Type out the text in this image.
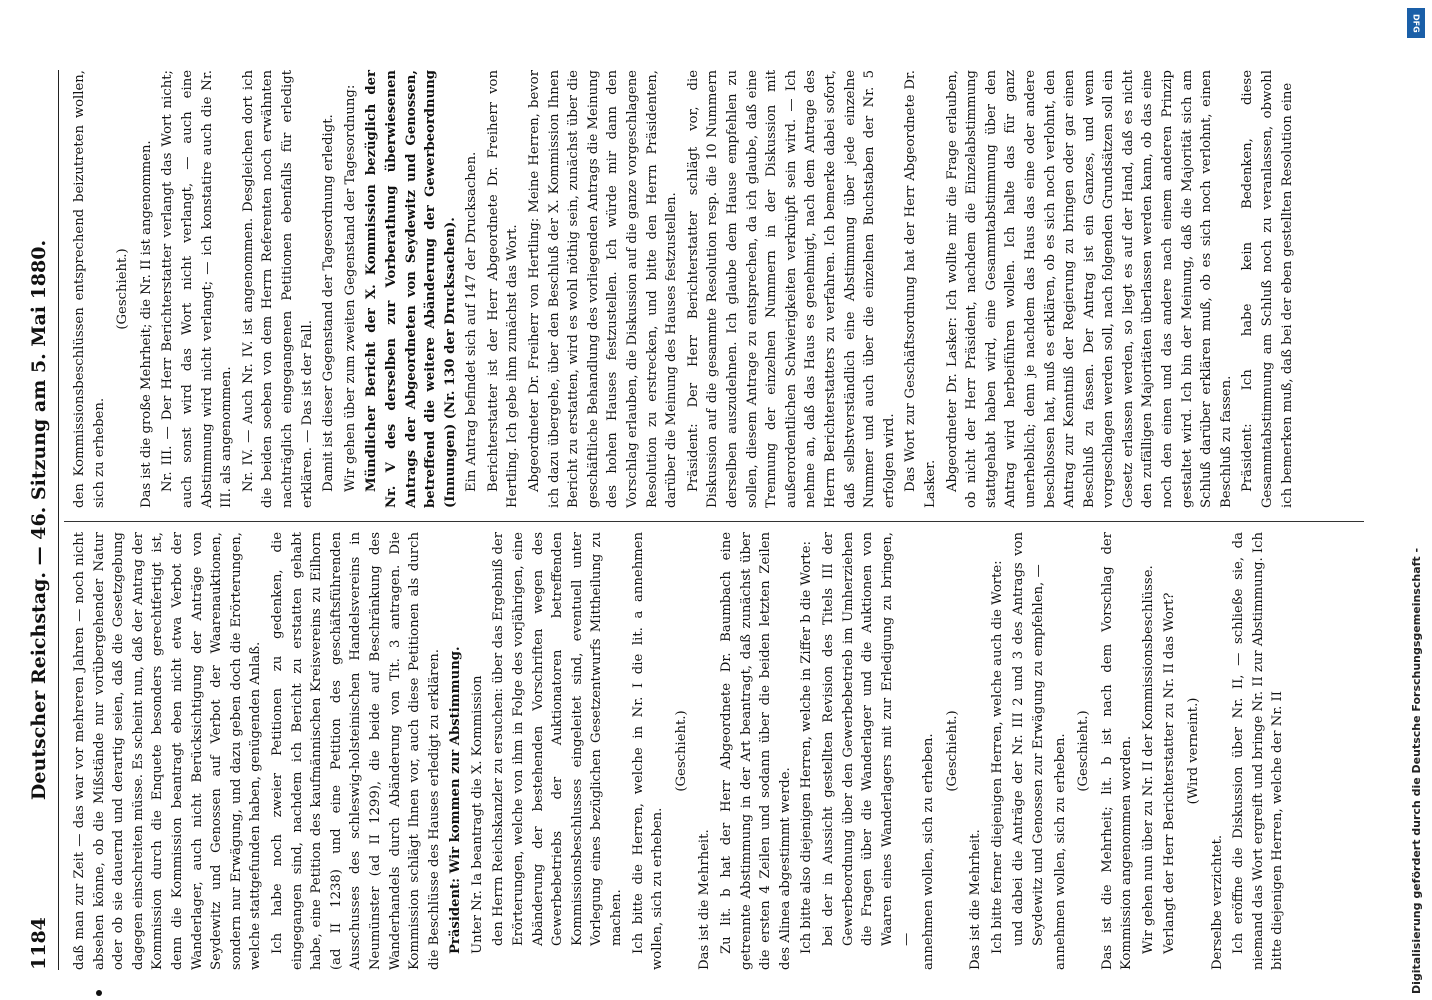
1184
Deutscher Reichstag. — 46. Sitzung am 5. Mai 1880. daß man zur Zeit — das war vor mehreren Jahren — noch nicht absehen könne, ob die Mißstände nur vorübergehender Natur oder ob sie dauernd und derartig seien, daß die Gesetzgebung dagegen einschreiten müsse. Es scheint nun, daß der Antrag der Kommission durch die Enquete besonders gerechtfertigt ist, denn die Kommission beantragt eben nicht etwa Verbot der Wanderlager, auch nicht Berücksichtigung der Anträge von Seydewitz und Genossen auf Verbot der Waarenauktionen, sondern nur Erwägung, und dazu geben doch die Erörterungen, welche stattgefunden haben, genügenden Anlaß. Ich habe noch zweier Petitionen zu gedenken, die eingegangen sind, nachdem ich Bericht zu erstatten gehabt habe, eine Petition des kaufmännischen Kreisvereins zu Eilhorn (ad II 1238) und eine Petition des geschäftsführenden Ausschusses des schleswig-holsteinischen Handelsvereins in Neumünster (ad II 1299), die beide auf Beschränkung des Wanderhandels durch Abänderung von Tit. 3 antragen. Die Kommission schlägt Ihnen vor, auch diese Petitionen als durch die Beschlüsse des Hauses erledigt zu erklären. Präsident: Wir kommen zur Abstimmung. Unter Nr. Ia beantragt die X. Kommission den Herrn Reichskanzler zu ersuchen: über das Ergebniß der Erörterungen, welche von ihm in Folge des vorjährigen, eine Abänderung der bestehenden Vorschriften wegen des Gewerbebetriebs der Auktionatoren betreffenden Kommissionsbeschlusses eingeleitet sind, eventuell unter Vorlegung eines bezüglichen Gesetzentwurfs Mittheilung zu machen. Ich bitte die Herren, welche in Nr. I die lit. a annehmen wollen, sich zu erheben.

(Geschieht.)

Das ist die Mehrheit. Zu lit. b hat der Herr Abgeordnete Dr. Baumbach eine getrennte Abstimmung in der Art beantragt, daß zunächst über die ersten 4 Zeilen und sodann über die beiden letzten Zeilen des Alinea abgestimmt werde. Ich bitte also diejenigen Herren, welche in Ziffer b die Worte: bei der in Aussicht gestellten Revision des Titels III der Gewerbeordnung über den Gewerbebetrieb im Umherziehen die Fragen über die Wanderlager und die Auktionen von Waaren eines Wanderlagers mit zur Erledigung zu bringen, — annehmen wollen, sich zu erheben. (Geschieht.)

Das ist die Mehrheit. Ich bitte ferner diejenigen Herren, welche auch die Worte: und dabei die Anträge der Nr. III 2 und 3 des Antrags von Seydewitz und Genossen zur Erwägung zu empfehlen, — annehmen wollen, sich zu erheben. (Geschieht.) Das ist die Mehrheit; lit. b ist nach dem Vorschlag der Kommission angenommen worden. Wir gehen nun über zu Nr. II der Kommissionsbeschlüsse. Verlangt der Herr Berichterstatter zu Nr. II das Wort? (Wird verneint.)

Derselbe verzichtet. Ich eröffne die Diskussion über Nr. II, — schließe sie, da niemand das Wort ergreift und bringe Nr. II zur Abstimmung. Ich bitte diejenigen Herren, welche der Nr. II

den Kommissionsbeschlüssen entsprechend beizutreten wollen, sich zu erheben.

(Geschieht.) Das ist die große Mehrheit; die Nr. II ist angenommen. Nr. III. — Der Herr Berichterstatter verlangt das Wort nicht; auch sonst wird das Wort nicht verlangt, — auch eine Abstimmung wird nicht verlangt; — ich konstatire auch die Nr. III. als angenommen. Nr. IV. — Auch Nr. IV. ist angenommen. Desgleichen dort ich die beiden soeben von dem Herrn Referenten noch erwähnten nachträglich eingegangenen Petitionen ebenfalls für erledigt erklären. — Das ist der Fall. Damit ist dieser Gegenstand der Tagesordnung erledigt. Wir gehen über zum zweiten Gegenstand der Tagesordnung: Mündlicher Bericht der X. Kommission bezüglich der Nr. V des derselben zur Vorberathung überwiesenen Antrags der Abgeordneten von Seydewitz und Genossen, betreffend die weitere Abänderung der Gewerbeordnung (Innungen) (Nr. 130 der Drucksachen). Ein Antrag befindet sich auf 147 der Drucksachen. Berichterstatter ist der Herr Abgeordnete Dr. Freiherr von Hertling. Ich gebe ihm zunächst das Wort. Abgeordneter Dr. Freiherr von Hertling: Meine Herren, bevor ich dazu übergehe, über den Beschluß der X. Kommission Ihnen Bericht zu erstatten, wird es wohl nöthig sein, zunächst über die geschäftliche Behandlung des vorliegenden Antrags die Meinung des hohen Hauses festzustellen. Ich würde mir dann den Vorschlag erlauben, die Diskussion auf die ganze vorgeschlagene Resolution zu erstrecken, und bitte den Herrn Präsidenten, darüber die Meinung des Hauses festzustellen. Präsident: Der Herr Berichterstatter schlägt vor, die Diskussion auf die gesammte Resolution resp. die 10 Nummern derselben auszudehnen. Ich glaube dem Hause empfehlen zu sollen, diesem Antrage zu entsprechen, da ich glaube, daß eine Trennung der einzelnen Nummern in der Diskussion mit außerordentlichen Schwierigkeiten verknüpft sein wird. — Ich nehme an, daß das Haus es genehmigt, nach dem Antrage des Herrn Berichterstatters zu verfahren. Ich bemerke dabei sofort, daß selbstverständlich eine Abstimmung über jede einzelne Nummer und auch über die einzelnen Buchstaben der Nr. 5 erfolgen wird. Das Wort zur Geschäftsordnung hat der Herr Abgeordnete Dr. Lasker. Abgeordneter Dr. Lasker: Ich wollte mir die Frage erlauben, ob nicht der Herr Präsident, nachdem die Einzelabstimmung stattgehabt haben wird, eine Gesammtabstimmung über den Antrag wird herbeiführen wollen. Ich halte das für ganz unerheblich; denn je nachdem das Haus das eine oder andere beschlossen hat, muß es erklären, ob es sich noch verlohnt, den Antrag zur Kenntniß der Regierung zu bringen oder gar einen Beschluß zu fassen. Der Antrag ist ein Ganzes, und wenn vorgeschlagen werden soll, nach folgenden Grundsätzen soll ein Gesetz erlassen werden, so liegt es auf der Hand, daß es nicht den zufälligen Majoritäten überlassen werden kann, ob das eine noch den einen und das andere nach einem anderen Prinzip gestaltet wird. Ich bin der Meinung, daß die Majorität sich am Schluß darüber erklären muß, ob es sich noch verlohnt, einen Beschluß zu fassen. Präsident: Ich habe kein Bedenken, diese Gesammtabstimmung am Schluß noch zu veranlassen, obwohl ich bemerken muß, daß bei der eben gestellten Resolution eine

Digitalisierung gefördert durch die Deutsche Forschungsgemeinschaft -
DFG
